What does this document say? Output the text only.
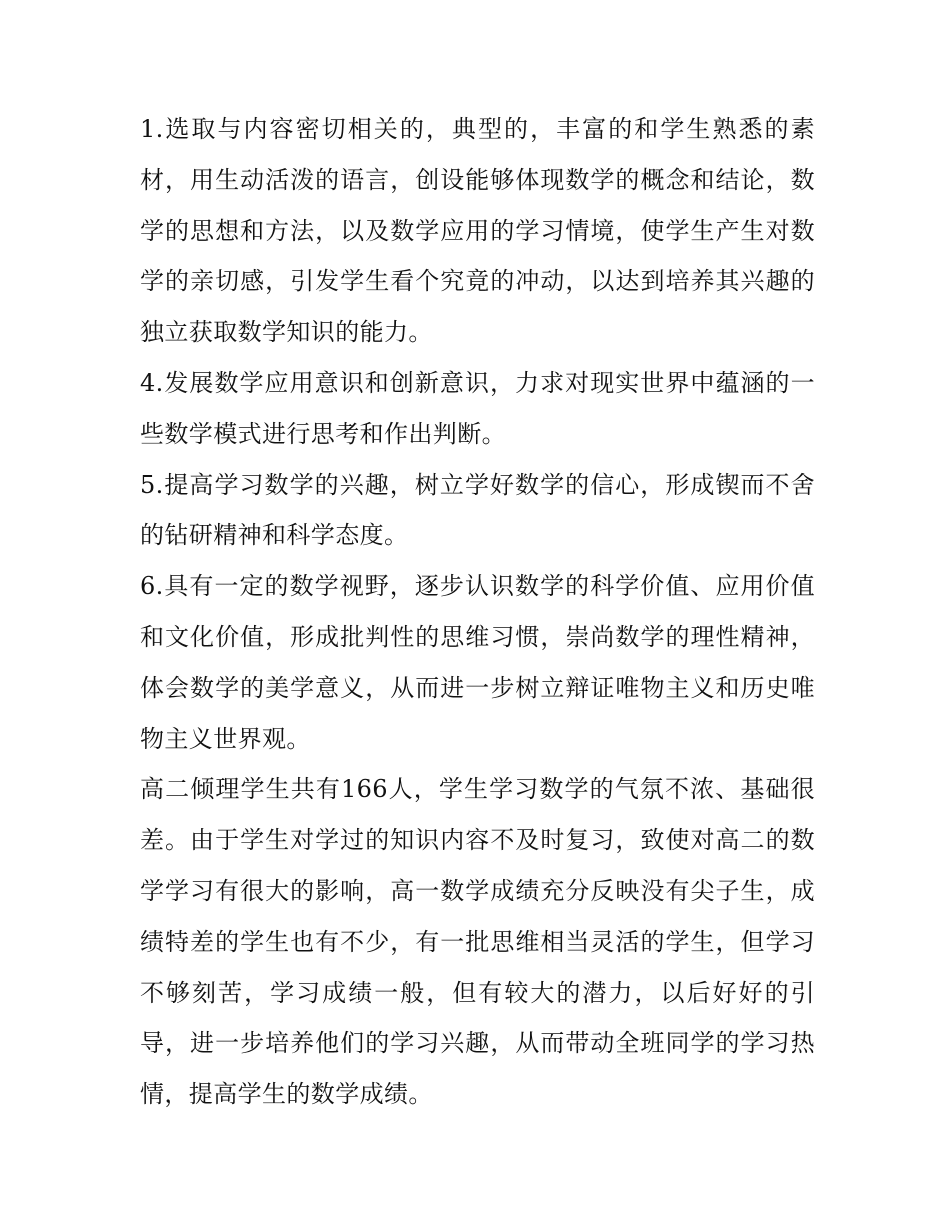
1.选取与内容密切相关的，典型的，丰富的和学生熟悉的素材，用生动活泼的语言，创设能够体现数学的概念和结论，数学的思想和方法，以及数学应用的学习情境，使学生产生对数学的亲切感，引发学生看个究竟的冲动，以达到培养其兴趣的独立获取数学知识的能力。

4.发展数学应用意识和创新意识，力求对现实世界中蕴涵的一些数学模式进行思考和作出判断。

5.提高学习数学的兴趣，树立学好数学的信心，形成锲而不舍的钻研精神和科学态度。

6.具有一定的数学视野，逐步认识数学的科学价值、应用价值和文化价值，形成批判性的思维习惯，崇尚数学的理性精神，体会数学的美学意义，从而进一步树立辩证唯物主义和历史唯物主义世界观。

高二倾理学生共有166人，学生学习数学的气氛不浓、基础很差。由于学生对学过的知识内容不及时复习，致使对高二的数学学习有很大的影响，高一数学成绩充分反映没有尖子生，成绩特差的学生也有不少，有一批思维相当灵活的学生，但学习不够刻苦，学习成绩一般，但有较大的潜力，以后好好的引导，进一步培养他们的学习兴趣，从而带动全班同学的学习热情，提高学生的数学成绩。
